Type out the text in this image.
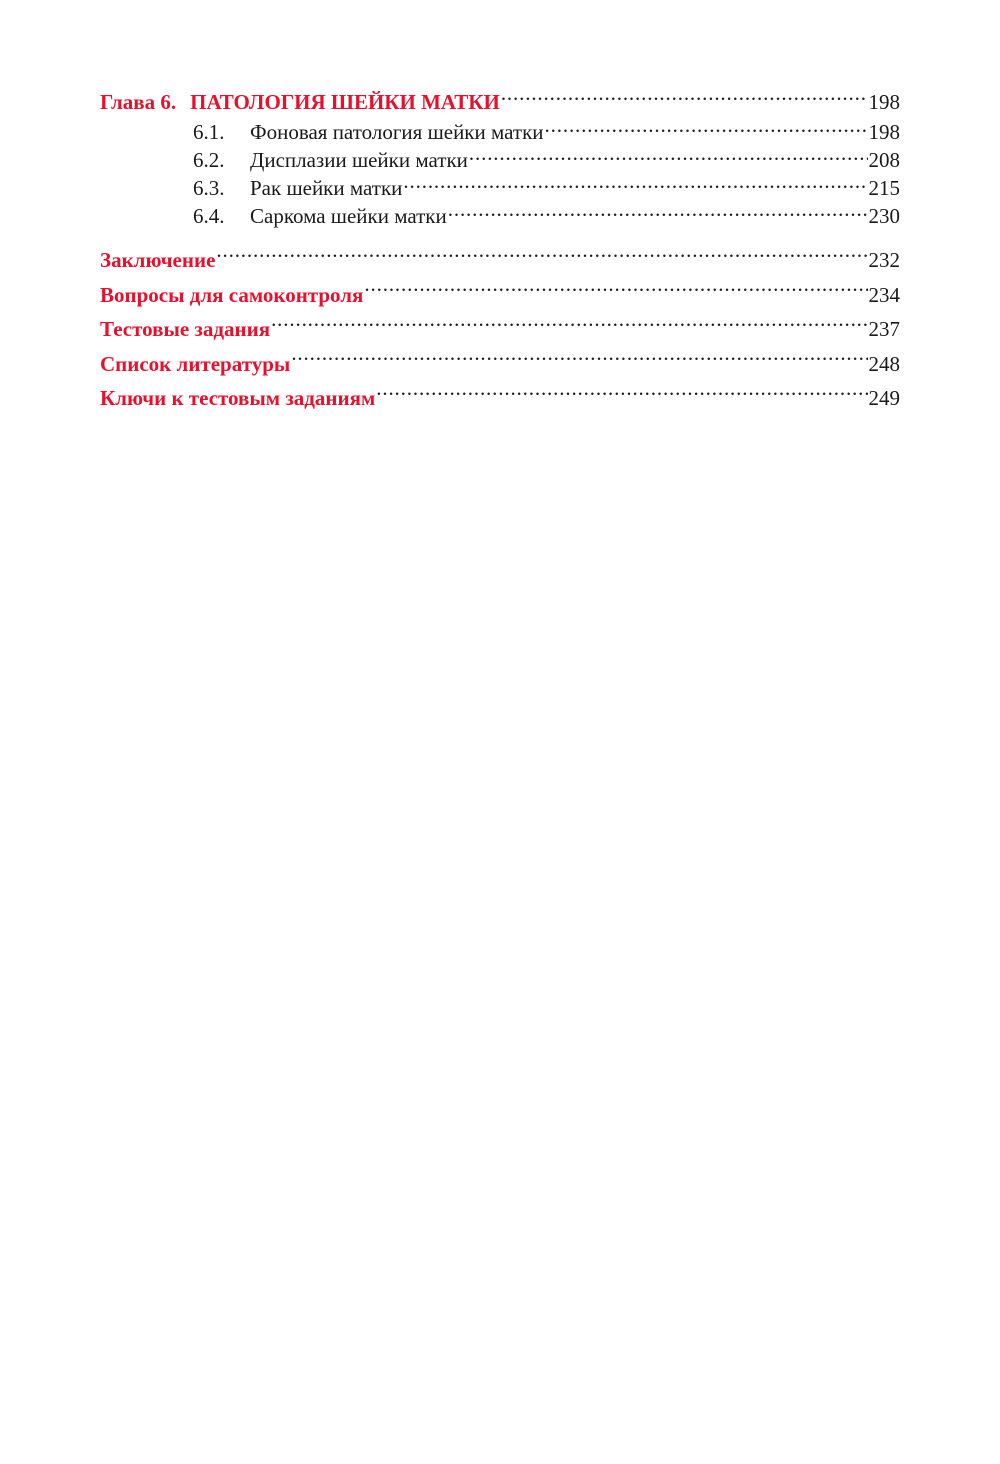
Глава 6. ПАТОЛОГИЯ ШЕЙКИ МАТКИ . . .	198
6.1.	Фоновая патология шейки матки . . .	198
6.2.	Дисплазии шейки матки . . .	208
6.3.	Рак шейки матки . . .	215
6.4.	Саркома шейки матки . . .	230
Заключение . . .	232
Вопросы для самоконтроля . . .	234
Тестовые задания . . .	237
Список литературы . . .	248
Ключи к тестовым заданиям . . .	249
